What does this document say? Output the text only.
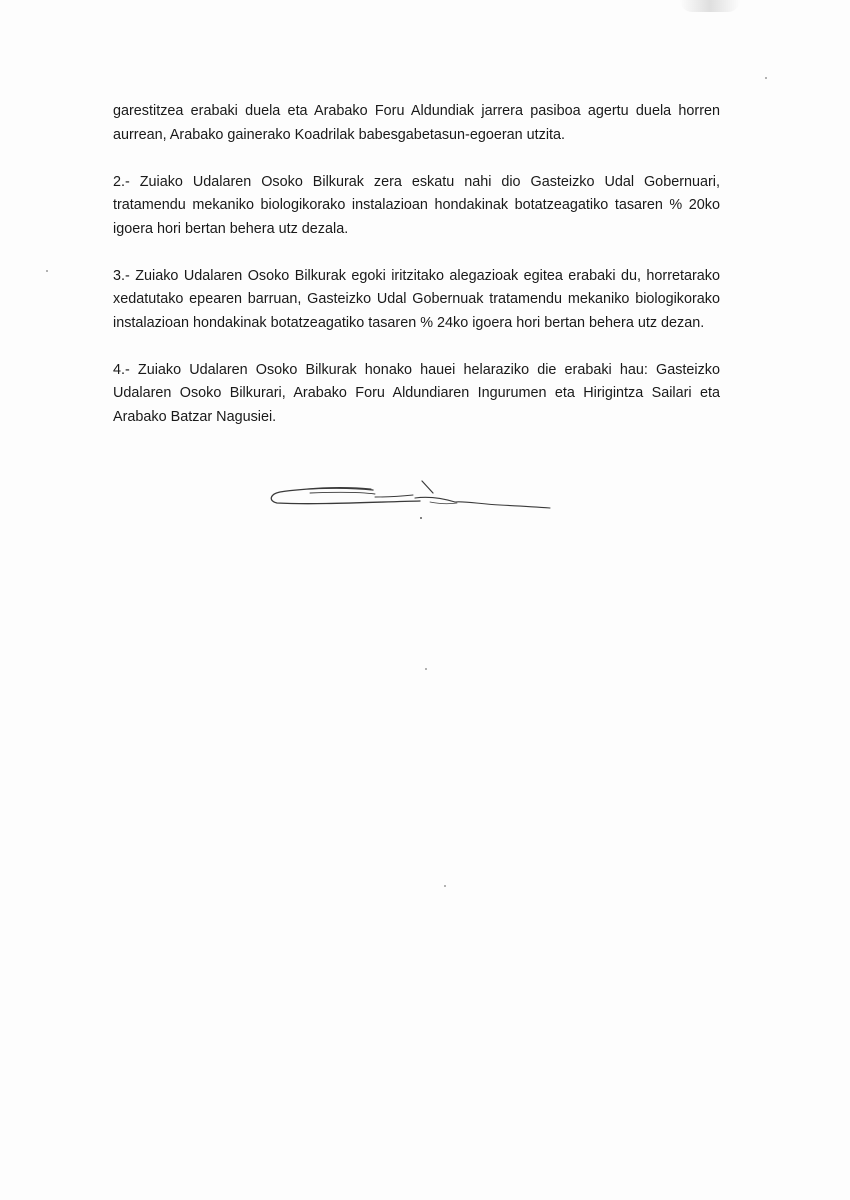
garestitzea erabaki duela eta Arabako Foru Aldundiak jarrera pasiboa agertu duela horren aurrean, Arabako gainerako Koadrilak babesgabetasun-egoeran utzita.

2.- Zuiako Udalaren Osoko Bilkurak zera eskatu nahi dio Gasteizko Udal Gobernuari, tratamendu mekaniko biologikorako instalazioan hondakinak botatzeagatiko tasaren % 20ko igoera hori bertan behera utz dezala.

3.- Zuiako Udalaren Osoko Bilkurak egoki iritzitako alegazioak egitea erabaki du, horretarako xedatutako epearen barruan, Gasteizko Udal Gobernuak tratamendu mekaniko biologikorako instalazioan hondakinak botatzeagatiko tasaren % 24ko igoera hori bertan behera utz dezan.

4.- Zuiako Udalaren Osoko Bilkurak honako hauei helaraziko die erabaki hau: Gasteizko Udalaren Osoko Bilkurari, Arabako Foru Aldundiaren Ingurumen eta Hirigintza Sailari eta Arabako Batzar Nagusiei.
